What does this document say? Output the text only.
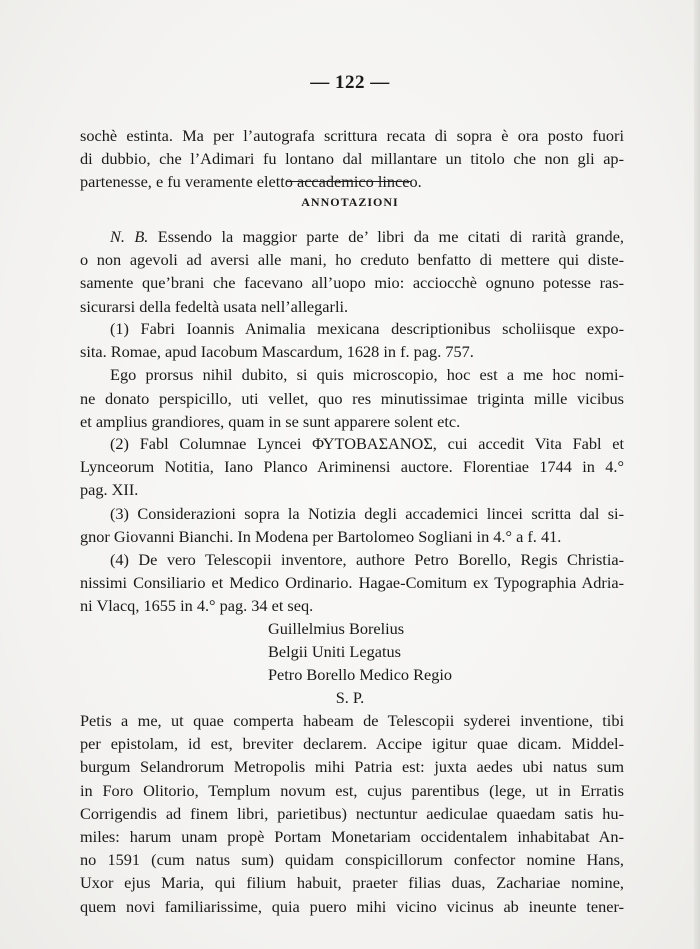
— 122 —
sochè estinta. Ma per l’autografa scrittura recata di sopra è ora posto fuori
di dubbio, che l’Adimari fu lontano dal millantare un titolo che non gli ap-
partenesse, e fu veramente eletto accademico linceo.
ANNOTAZIONI
N. B. Essendo la maggior parte de’ libri da me citati di rarità grande,
o non agevoli ad aversi alle mani, ho creduto benfatto di mettere qui diste-
samente que’brani che facevano all’uopo mio: acciocchè ognuno potesse ras-
sicurarsi della fedeltà usata nell’allegarli.
(1) Fabri Ioannis Animalia mexicana descriptionibus scholiisque expo-
sita. Romae, apud Iacobum Mascardum, 1628 in f. pag. 757.
Ego prorsus nihil dubito, si quis microscopio, hoc est a me hoc nomi-
ne donato perspicillo, uti vellet, quo res minutissimae triginta mille vicibus
et amplius grandiores, quam in se sunt apparere solent etc.
(2) Fabl Columnae Lyncei ΦΥΤΟΒΑΣΑΝΟΣ, cui accedit Vita Fabl et
Lynceorum Notitia, Iano Planco Ariminensi auctore. Florentiae 1744 in 4.°
pag. XII.
(3) Considerazioni sopra la Notizia degli accademici lincei scritta dal si-
gnor Giovanni Bianchi. In Modena per Bartolomeo Sogliani in 4.° a f. 41.
(4) De vero Telescopii inventore, authore Petro Borello, Regis Christia-
nissimi Consiliario et Medico Ordinario. Hagae-Comitum ex Typographia Adria-
ni Vlacq, 1655 in 4.° pag. 34 et seq.
Guillelmius Borelius
Belgii Uniti Legatus
Petro Borello Medico Regio
S. P.
Petis a me, ut quae comperta habeam de Telescopii syderei inventione, tibi
per epistolam, id est, breviter declarem. Accipe igitur quae dicam. Middel-
burgum Selandrorum Metropolis mihi Patria est: juxta aedes ubi natus sum
in Foro Olitorio, Templum novum est, cujus parentibus (lege, ut in Erratis
Corrigendis ad finem libri, parietibus) nectuntur aediculae quaedam satis hu-
miles: harum unam propè Portam Monetariam occidentalem inhabitabat An-
no 1591 (cum natus sum) quidam conspicillorum confector nomine Hans,
Uxor ejus Maria, qui filium habuit, praeter filias duas, Zachariae nomine,
quem novi familiarissime, quia puero mihi vicino vicinus ab ineunte tener-
